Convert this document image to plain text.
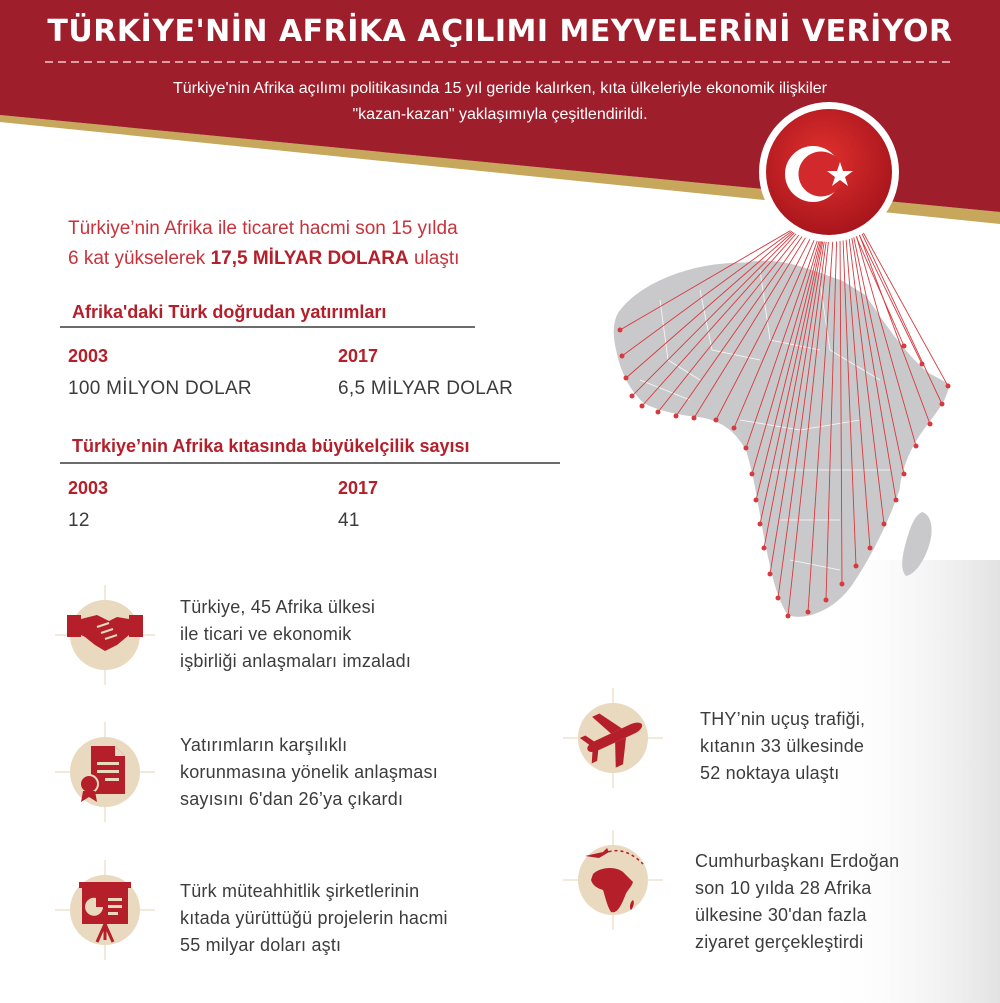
TÜRKİYE'NİN AFRİKA AÇILIMI MEYVELERİNİ VERİYOR
Türkiye'nin Afrika açılımı politikasında 15 yıl geride kalırken, kıta ülkeleriyle ekonomik ilişkiler
"kazan-kazan" yaklaşımıyla çeşitlendirildi.
Türkiye’nin Afrika ile ticaret hacmi son 15 yılda
6 kat yükselerek 17,5 MİLYAR DOLARA ulaştı
Afrika'daki Türk doğrudan yatırımları
2003
100 MİLYON DOLAR
2017
6,5 MİLYAR DOLAR
Türkiye’nin Afrika kıtasında büyükelçilik sayısı
2003
12
2017
41
Türkiye, 45 Afrika ülkesi
ile ticari ve ekonomik
işbirliği anlaşmaları imzaladı
Yatırımların karşılıklı
korunmasına yönelik anlaşması
sayısını 6'dan 26’ya çıkardı
Türk müteahhitlik şirketlerinin
kıtada yürüttüğü projelerin hacmi
55 milyar doları aştı
THY’nin uçuş trafiği,
kıtanın 33 ülkesinde
52 noktaya ulaştı
Cumhurbaşkanı Erdoğan
son 10 yılda 28 Afrika
ülkesine 30'dan fazla
ziyaret gerçekleştirdi
